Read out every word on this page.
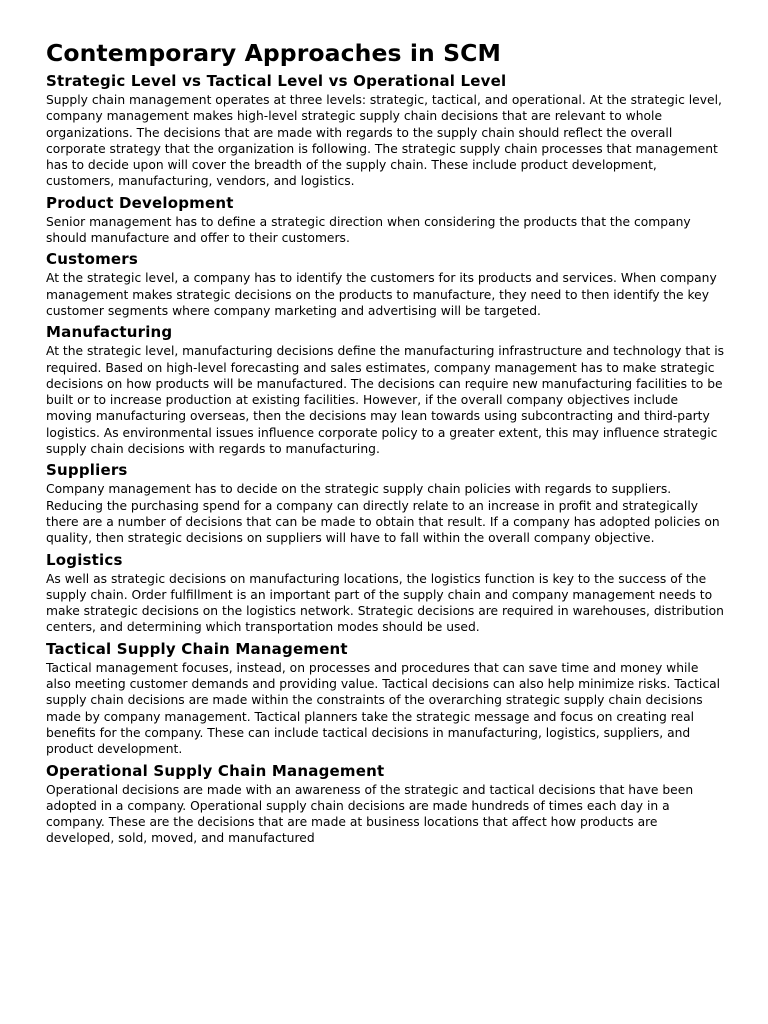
Contemporary Approaches in SCM
Strategic Level vs Tactical Level vs Operational Level

Supply chain management operates at three levels: strategic, tactical, and operational. At the strategic level, company management makes high-level strategic supply chain decisions that are relevant to whole organizations. The decisions that are made with regards to the supply chain should reflect the overall corporate strategy that the organization is following. The strategic supply chain processes that management has to decide upon will cover the breadth of the supply chain. These include product development, customers, manufacturing, vendors, and logistics.

Product Development

Senior management has to define a strategic direction when considering the products that the company should manufacture and offer to their customers.

Customers

At the strategic level, a company has to identify the customers for its products and services. When company management makes strategic decisions on the products to manufacture, they need to then identify the key customer segments where company marketing and advertising will be targeted.

Manufacturing

At the strategic level, manufacturing decisions define the manufacturing infrastructure and technology that is required. Based on high-level forecasting and sales estimates, company management has to make strategic decisions on how products will be manufactured. The decisions can require new manufacturing facilities to be built or to increase production at existing facilities. However, if the overall company objectives include moving manufacturing overseas, then the decisions may lean towards using subcontracting and third-party logistics. As environmental issues influence corporate policy to a greater extent, this may influence strategic supply chain decisions with regards to manufacturing.

Suppliers

Company management has to decide on the strategic supply chain policies with regards to suppliers. Reducing the purchasing spend for a company can directly relate to an increase in profit and strategically there are a number of decisions that can be made to obtain that result. If a company has adopted policies on quality, then strategic decisions on suppliers will have to fall within the overall company objective.

Logistics

As well as strategic decisions on manufacturing locations, the logistics function is key to the success of the supply chain. Order fulfillment is an important part of the supply chain and company management needs to make strategic decisions on the logistics network. Strategic decisions are required in warehouses, distribution centers, and determining which transportation modes should be used.

Tactical Supply Chain Management

Tactical management focuses, instead, on processes and procedures that can save time and money while also meeting customer demands and providing value. Tactical decisions can also help minimize risks. Tactical supply chain decisions are made within the constraints of the overarching strategic supply chain decisions made by company management. Tactical planners take the strategic message and focus on creating real benefits for the company. These can include tactical decisions in manufacturing, logistics, suppliers, and product development.

Operational Supply Chain Management

Operational decisions are made with an awareness of the strategic and tactical decisions that have been adopted in a company. Operational supply chain decisions are made hundreds of times each day in a company. These are the decisions that are made at business locations that affect how products are developed, sold, moved, and manufactured
